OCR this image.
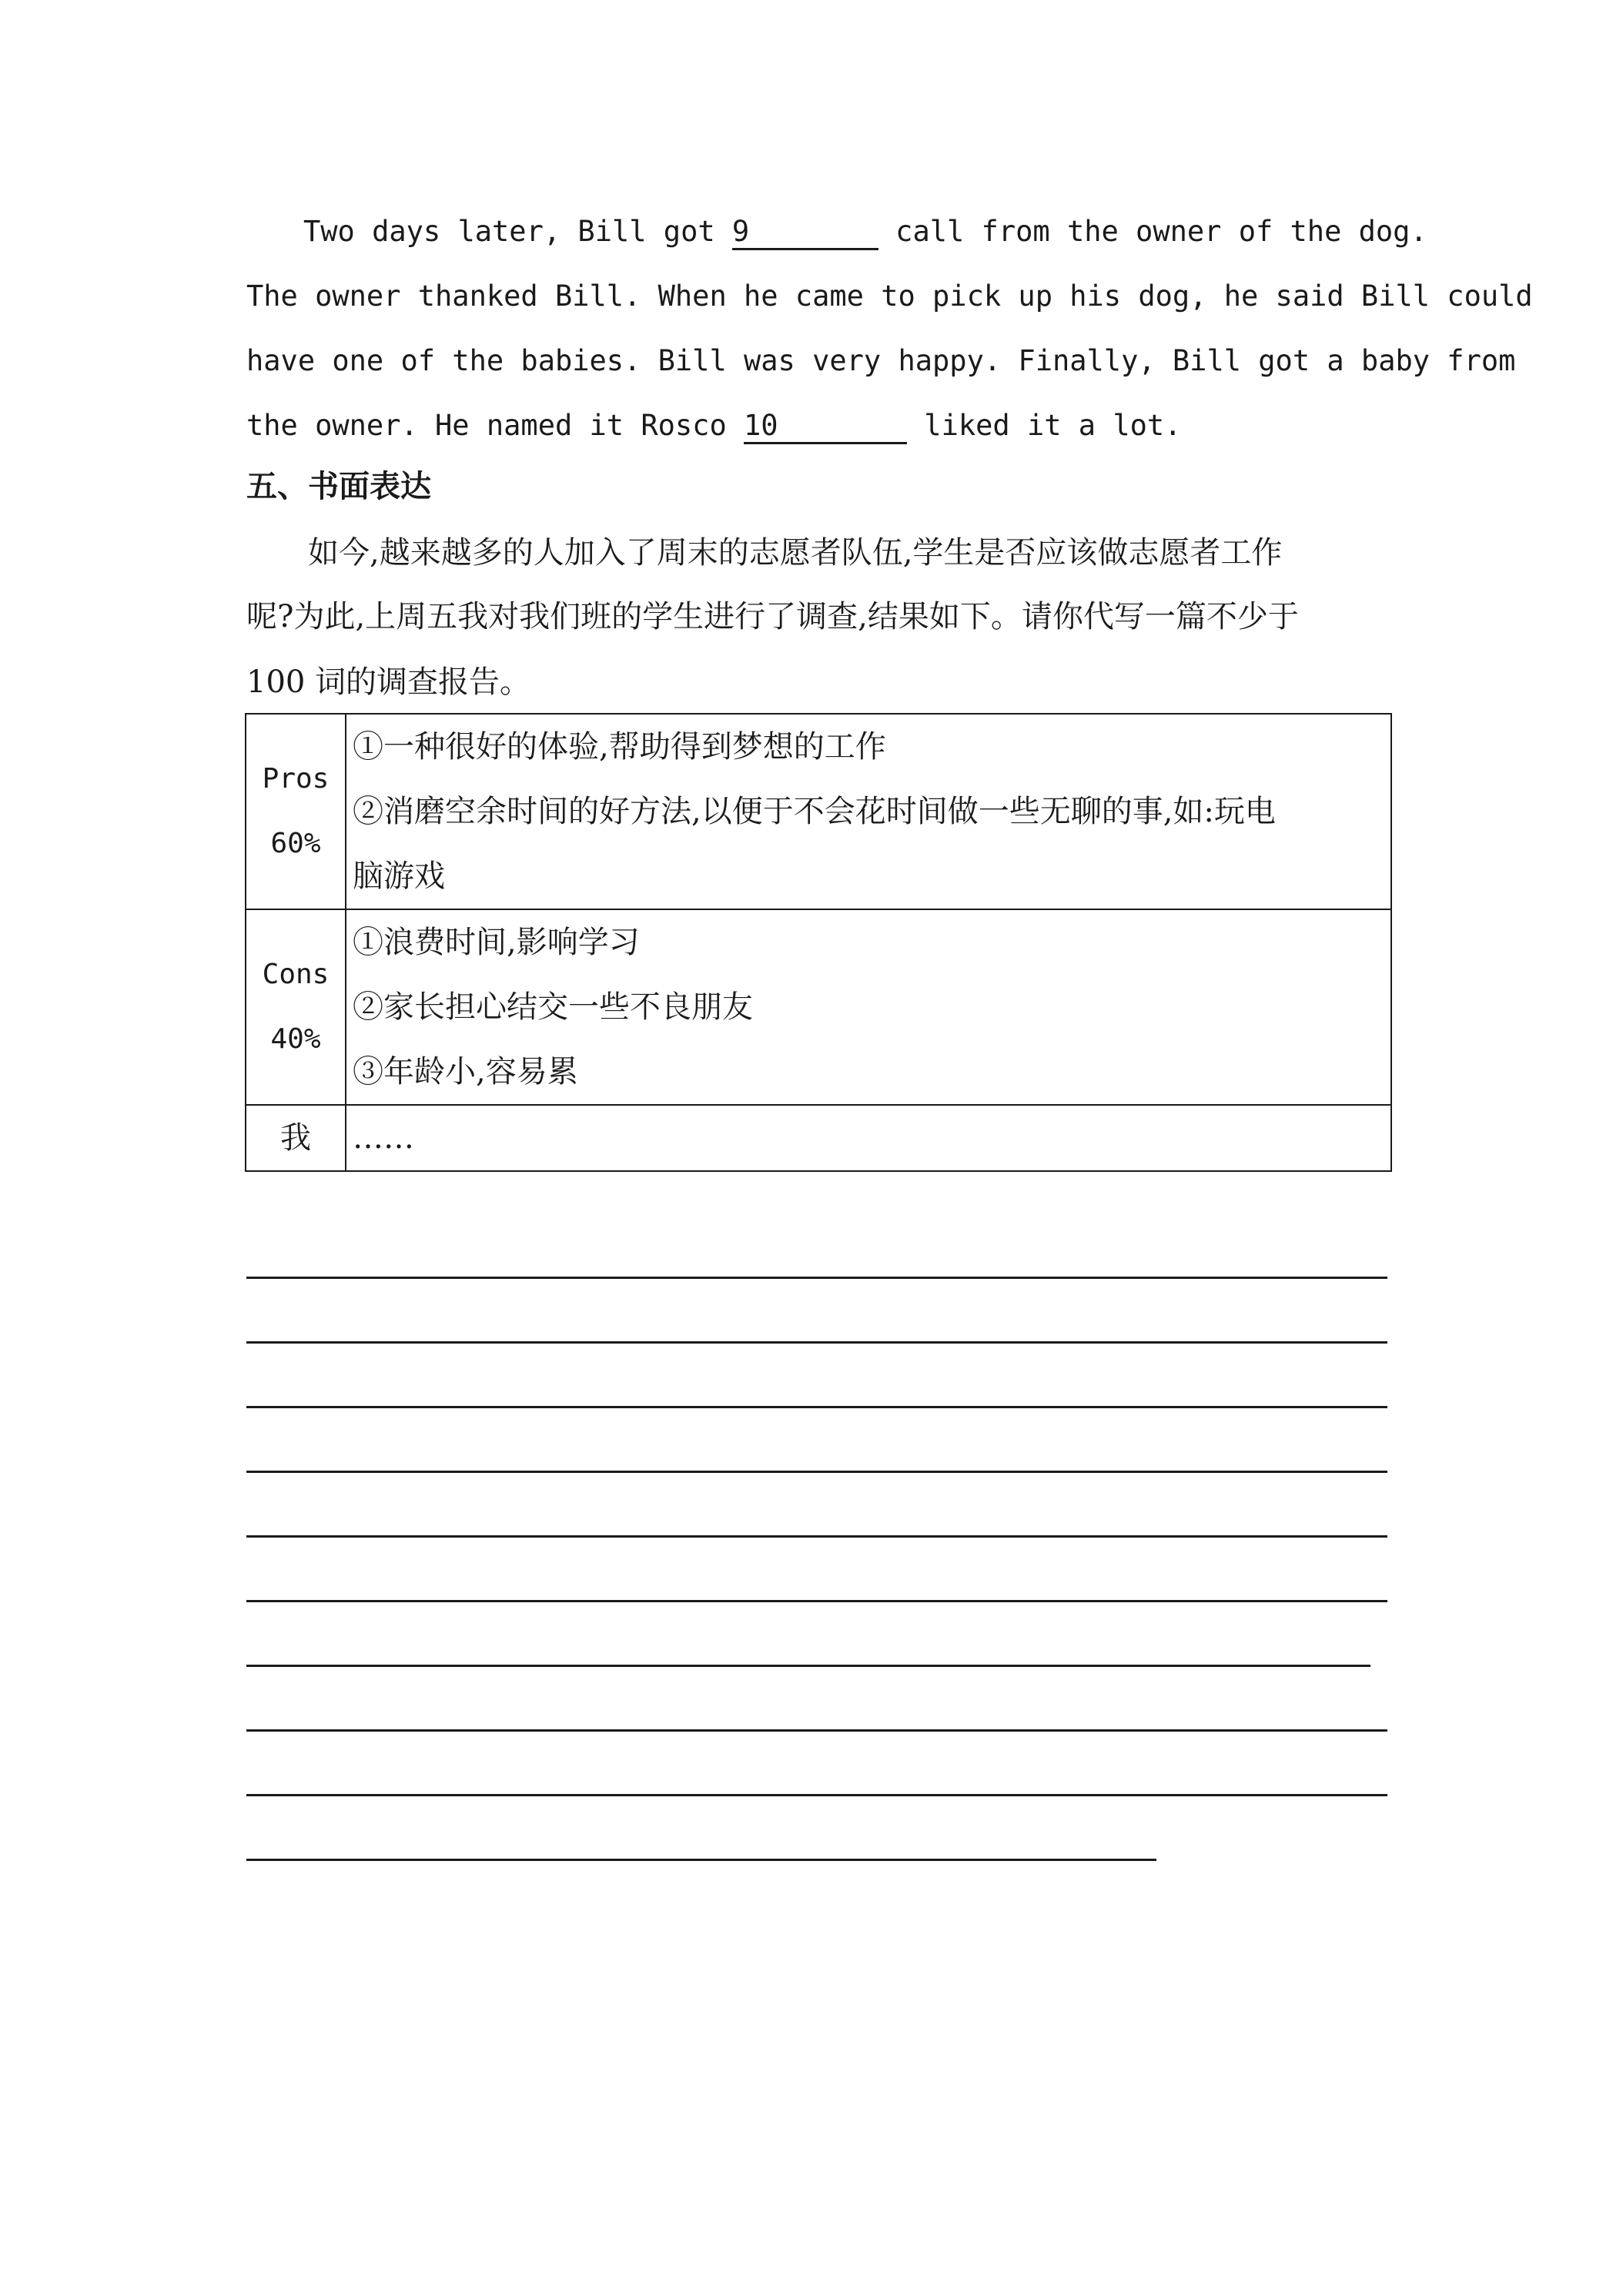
　　Two days later, Bill got 9	call from the owner of the dog.
The owner thanked Bill. When he came to pick up his dog, he said Bill could
have one of the babies. Bill was very happy. Finally, Bill got a baby from
the owner. He named it Rosco 10	liked it a lot.
五、书面表达
　　如今,越来越多的人加入了周末的志愿者队伍,学生是否应该做志愿者工作
呢?为此,上周五我对我们班的学生进行了调查,结果如下。请你代写一篇不少于
100 词的调查报告。
Pros
60%	①一种很好的体验,帮助得到梦想的工作
②消磨空余时间的好方法,以便于不会花时间做一些无聊的事,如:玩电
脑游戏

Cons
40%	①浪费时间,影响学习
②家长担心结交一些不良朋友
③年龄小,容易累

我	……
